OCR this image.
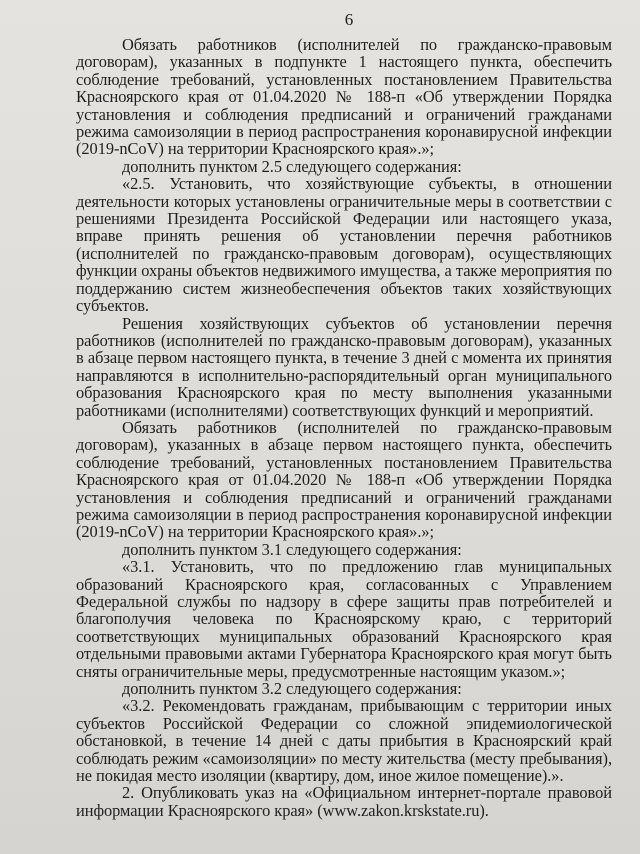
6

Обязать работников (исполнителей по гражданско-правовым договорам), указанных в подпункте 1 настоящего пункта, обеспечить соблюдение требований, установленных постановлением Правительства Красноярского края от 01.04.2020 № 188-п «Об утверждении Порядка установления и соблюдения предписаний и ограничений гражданами режима самоизоляции в период распространения коронавирусной инфекции (2019-nCoV) на территории Красноярского края».»;

дополнить пунктом 2.5 следующего содержания:

«2.5. Установить, что хозяйствующие субъекты, в отношении деятельности которых установлены ограничительные меры в соответствии с решениями Президента Российской Федерации или настоящего указа, вправе принять решения об установлении перечня работников (исполнителей по гражданско-правовым договорам), осуществляющих функции охраны объектов недвижимого имущества, а также мероприятия по поддержанию систем жизнеобеспечения объектов таких хозяйствующих субъектов.

Решения хозяйствующих субъектов об установлении перечня работников (исполнителей по гражданско-правовым договорам), указанных в абзаце первом настоящего пункта, в течение 3 дней с момента их принятия направляются в исполнительно-распорядительный орган муниципального образования Красноярского края по месту выполнения указанными работниками (исполнителями) соответствующих функций и мероприятий.

Обязать работников (исполнителей по гражданско-правовым договорам), указанных в абзаце первом настоящего пункта, обеспечить соблюдение требований, установленных постановлением Правительства Красноярского края от 01.04.2020 № 188-п «Об утверждении Порядка установления и соблюдения предписаний и ограничений гражданами режима самоизоляции в период распространения коронавирусной инфекции (2019-nCoV) на территории Красноярского края».»;

дополнить пунктом 3.1 следующего содержания:

«3.1. Установить, что по предложению глав муниципальных образований Красноярского края, согласованных с Управлением Федеральной службы по надзору в сфере защиты прав потребителей и благополучия человека по Красноярскому краю, с территорий соответствующих муниципальных образований Красноярского края отдельными правовыми актами Губернатора Красноярского края могут быть сняты ограничительные меры, предусмотренные настоящим указом.»;

дополнить пунктом 3.2 следующего содержания:

«3.2. Рекомендовать гражданам, прибывающим с территории иных субъектов Российской Федерации со сложной эпидемиологической обстановкой, в течение 14 дней с даты прибытия в Красноярский край соблюдать режим «самоизоляции» по месту жительства (месту пребывания), не покидая место изоляции (квартиру, дом, иное жилое помещение).».

2. Опубликовать указ на «Официальном интернет-портале правовой информации Красноярского края» (www.zakon.krskstate.ru).
